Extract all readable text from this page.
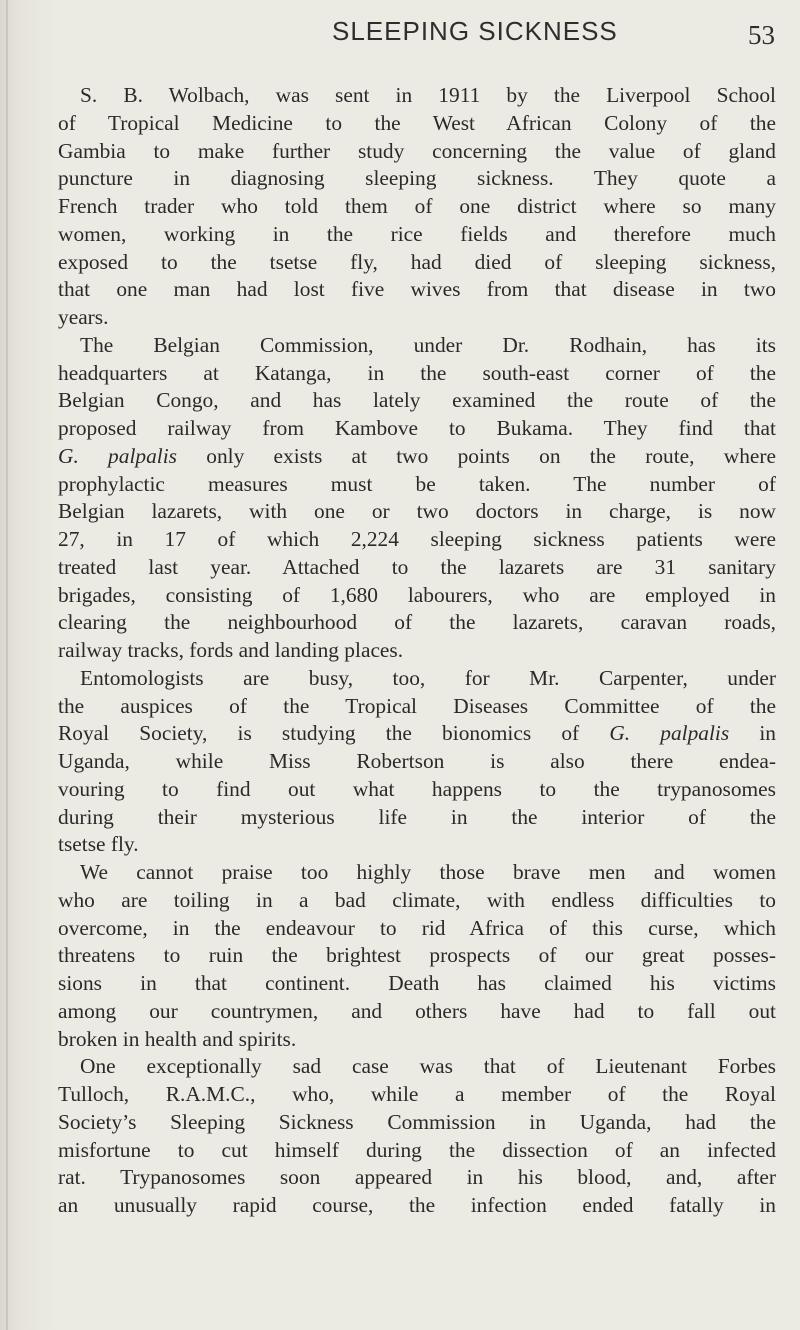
SLEEPING SICKNESS	53
S. B. Wolbach, was sent in 1911 by the Liverpool School
of Tropical Medicine to the West African Colony of the
Gambia to make further study concerning the value of gland
puncture in diagnosing sleeping sickness. They quote a
French trader who told them of one district where so many
women, working in the rice fields and therefore much
exposed to the tsetse fly, had died of sleeping sickness,
that one man had lost five wives from that disease in two
years.
The Belgian Commission, under Dr. Rodhain, has its
headquarters at Katanga, in the south-east corner of the
Belgian Congo, and has lately examined the route of the
proposed railway from Kambove to Bukama. They find that
G. palpalis only exists at two points on the route, where
prophylactic measures must be taken. The number of
Belgian lazarets, with one or two doctors in charge, is now
27, in 17 of which 2,224 sleeping sickness patients were
treated last year. Attached to the lazarets are 31 sanitary
brigades, consisting of 1,680 labourers, who are employed in
clearing the neighbourhood of the lazarets, caravan roads,
railway tracks, fords and landing places.
Entomologists are busy, too, for Mr. Carpenter, under
the auspices of the Tropical Diseases Committee of the
Royal Society, is studying the bionomics of G. palpalis in
Uganda, while Miss Robertson is also there endea-
vouring to find out what happens to the trypanosomes
during their mysterious life in the interior of the
tsetse fly.
We cannot praise too highly those brave men and women
who are toiling in a bad climate, with endless difficulties to
overcome, in the endeavour to rid Africa of this curse, which
threatens to ruin the brightest prospects of our great posses-
sions in that continent. Death has claimed his victims
among our countrymen, and others have had to fall out
broken in health and spirits.
One exceptionally sad case was that of Lieutenant Forbes
Tulloch, R.A.M.C., who, while a member of the Royal
Society’s Sleeping Sickness Commission in Uganda, had the
misfortune to cut himself during the dissection of an infected
rat. Trypanosomes soon appeared in his blood, and, after
an unusually rapid course, the infection ended fatally in
